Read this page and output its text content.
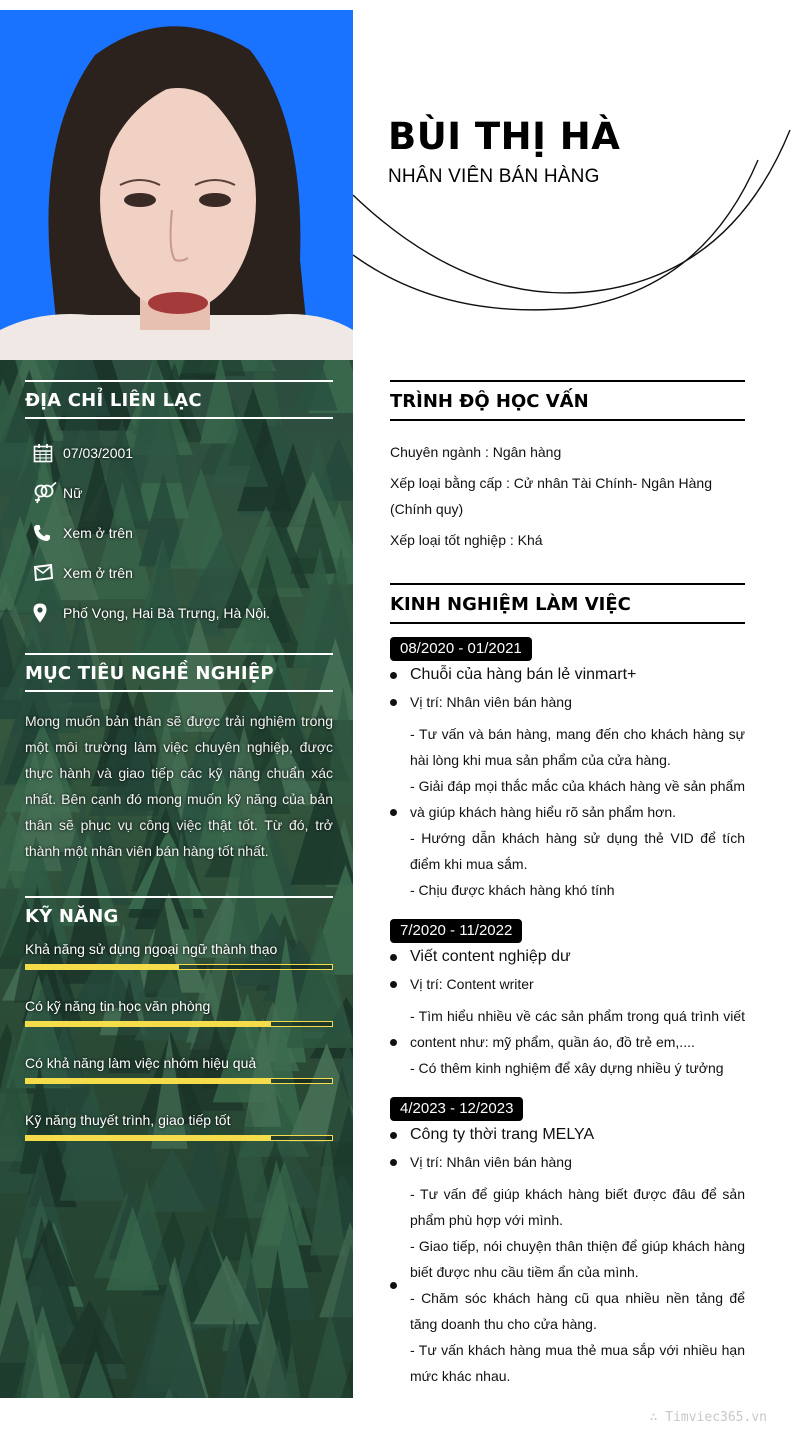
ĐỊA CHỈ LIÊN LẠC
07/03/2001
Nữ
Xem ở trên
Xem ở trên
Phố Vọng, Hai Bà Trưng, Hà Nội.
MỤC TIÊU NGHỀ NGHIỆP
Mong muốn bản thân sẽ được trải nghiệm trong một môi trường làm việc chuyên nghiệp, được thực hành và giao tiếp các kỹ năng chuẩn xác nhất. Bên cạnh đó mong muốn kỹ năng của bản thân sẽ phục vụ công việc thật tốt. Từ đó, trở thành một nhân viên bán hàng tốt nhất.
KỸ NĂNG
Khả năng sử dụng ngoại ngữ thành thạo
Có kỹ năng tin học văn phòng
Có khả năng làm việc nhóm hiệu quả
Kỹ năng thuyết trình, giao tiếp tốt
BÙI THỊ HÀ
NHÂN VIÊN BÁN HÀNG
TRÌNH ĐỘ HỌC VẤN

Chuyên ngành : Ngân hàng

Xếp loại bằng cấp : Cử nhân Tài Chính- Ngân Hàng (Chính quy)

Xếp loại tốt nghiệp : Khá

KINH NGHIỆM LÀM VIỆC
08/2020 - 01/2021
Chuỗi của hàng bán lẻ vinmart+
Vị trí: Nhân viên bán hàng

- Tư vấn và bán hàng, mang đến cho khách hàng sự hài lòng khi mua sản phẩm của cửa hàng.

- Giải đáp mọi thắc mắc của khách hàng về sản phẩm và giúp khách hàng hiểu rõ sản phẩm hơn.

- Hướng dẫn khách hàng sử dụng thẻ VID để tích điểm khi mua sắm.

- Chịu được khách hàng khó tính

7/2020 - 11/2022
Viết content nghiệp dư
Vị trí: Content writer

- Tìm hiểu nhiều về các sản phẩm trong quá trình viết content như: mỹ phẩm, quần áo, đồ trẻ em,....

- Có thêm kinh nghiệm để xây dựng nhiều ý tưởng

4/2023 - 12/2023
Công ty thời trang MELYA
Vị trí: Nhân viên bán hàng

- Tư vấn để giúp khách hàng biết được đâu để sản phẩm phù hợp với mình.

- Giao tiếp, nói chuyện thân thiện để giúp khách hàng biết được nhu cầu tiềm ẩn của mình.

- Chăm sóc khách hàng cũ qua nhiều nền tảng để tăng doanh thu cho cửa hàng.

- Tư vấn khách hàng mua thẻ mua sắp với nhiều hạn mức khác nhau.

∴ Timviec365.vn
